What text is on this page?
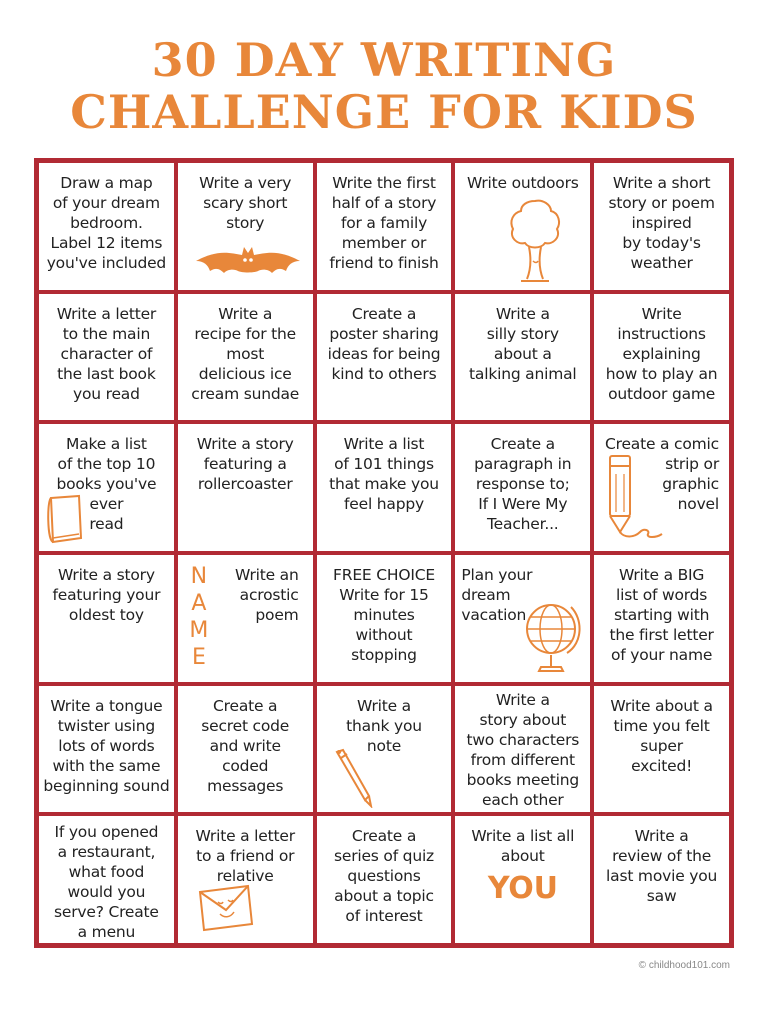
30 DAY WRITING
CHALLENGE FOR KIDS
Draw a map
of your dream
bedroom.
Label 12 items
you've included
Write a very
scary short
story
Write the first
half of a story
for a family
member or
friend to finish
Write outdoors	Write a short
story or poem
inspired
by today's
weather
Write a letter
to the main
character of
the last book
you read
Write a
recipe for the
most
delicious ice
cream sundae
Create a
poster sharing
ideas for being
kind to others
Write a
silly story
about a
talking animal
Write
instructions
explaining
how to play an
outdoor game
Make a list
of the top 10
books you've
ever
read
Write a story
featuring a
rollercoaster
Write a list
of 101 things
that make you
feel happy
Create a
paragraph in
response to;
If I Were My
Teacher...
Create a comic
strip or
graphic
novel
Write a story
featuring your
oldest toy
N
A
M
E
Write an
acrostic
poem
FREE CHOICE
Write for 15
minutes
without
stopping
Plan your
dream
vacation
Write a BIG
list of words
starting with
the first letter
of your name
Write a tongue
twister using
lots of words
with the same
beginning sound
Create a
secret code
and write
coded
messages
Write a
thank you
note
Write a
story about
two characters
from different
books meeting
each other
Write about a
time you felt
super
excited!
If you opened
a restaurant,
what food
would you
serve? Create
a menu
Write a letter
to a friend or
relative
Create a
series of quiz
questions
about a topic
of interest
Write a list all
about
YOU
Write a
review of the
last movie you
saw
© childhood101.com
